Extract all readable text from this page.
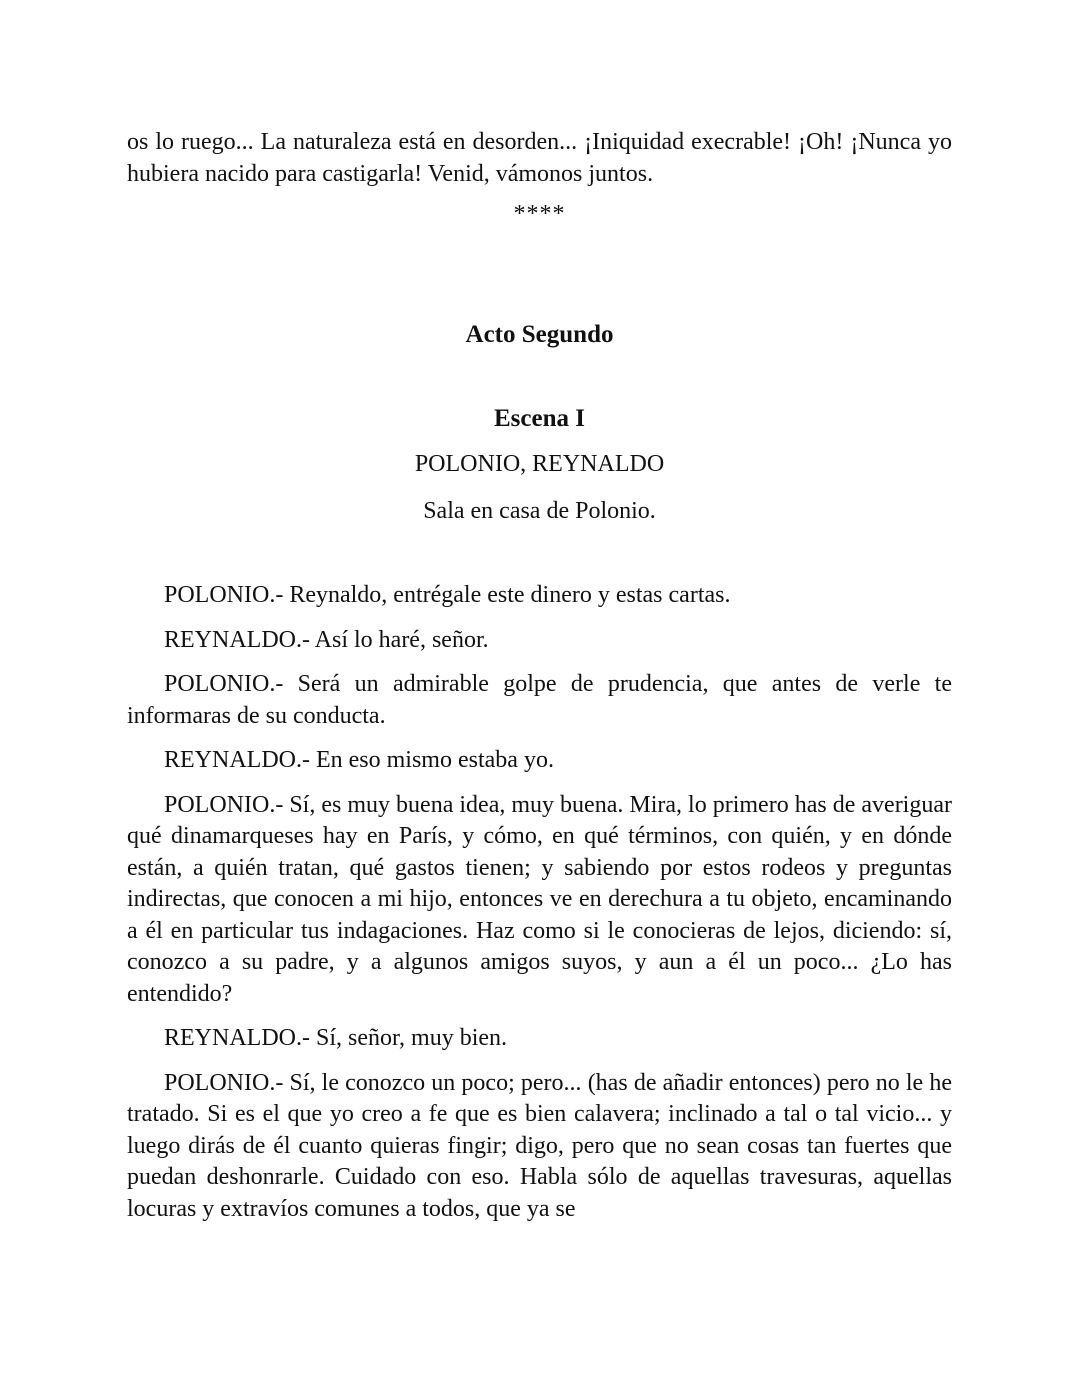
os lo ruego... La naturaleza está en desorden... ¡Iniquidad execrable! ¡Oh! ¡Nunca yo hubiera nacido para castigarla! Venid, vámonos juntos.

****
Acto Segundo
Escena I
POLONIO, REYNALDO
Sala en casa de Polonio.

POLONIO.- Reynaldo, entrégale este dinero y estas cartas.

REYNALDO.- Así lo haré, señor.

POLONIO.- Será un admirable golpe de prudencia, que antes de verle te informaras de su conducta.

REYNALDO.- En eso mismo estaba yo.

POLONIO.- Sí, es muy buena idea, muy buena. Mira, lo primero has de averiguar qué dinamarqueses hay en París, y cómo, en qué términos, con quién, y en dónde están, a quién tratan, qué gastos tienen; y sabiendo por estos rodeos y preguntas indirectas, que conocen a mi hijo, entonces ve en derechura a tu objeto, encaminando a él en particular tus indagaciones. Haz como si le conocieras de lejos, diciendo: sí, conozco a su padre, y a algunos amigos suyos, y aun a él un poco... ¿Lo has entendido?

REYNALDO.- Sí, señor, muy bien.

POLONIO.- Sí, le conozco un poco; pero... (has de añadir entonces) pero no le he tratado. Si es el que yo creo a fe que es bien calavera; inclinado a tal o tal vicio... y luego dirás de él cuanto quieras fingir; digo, pero que no sean cosas tan fuertes que puedan deshonrarle. Cuidado con eso. Habla sólo de aquellas travesuras, aquellas locuras y extravíos comunes a todos, que ya se
